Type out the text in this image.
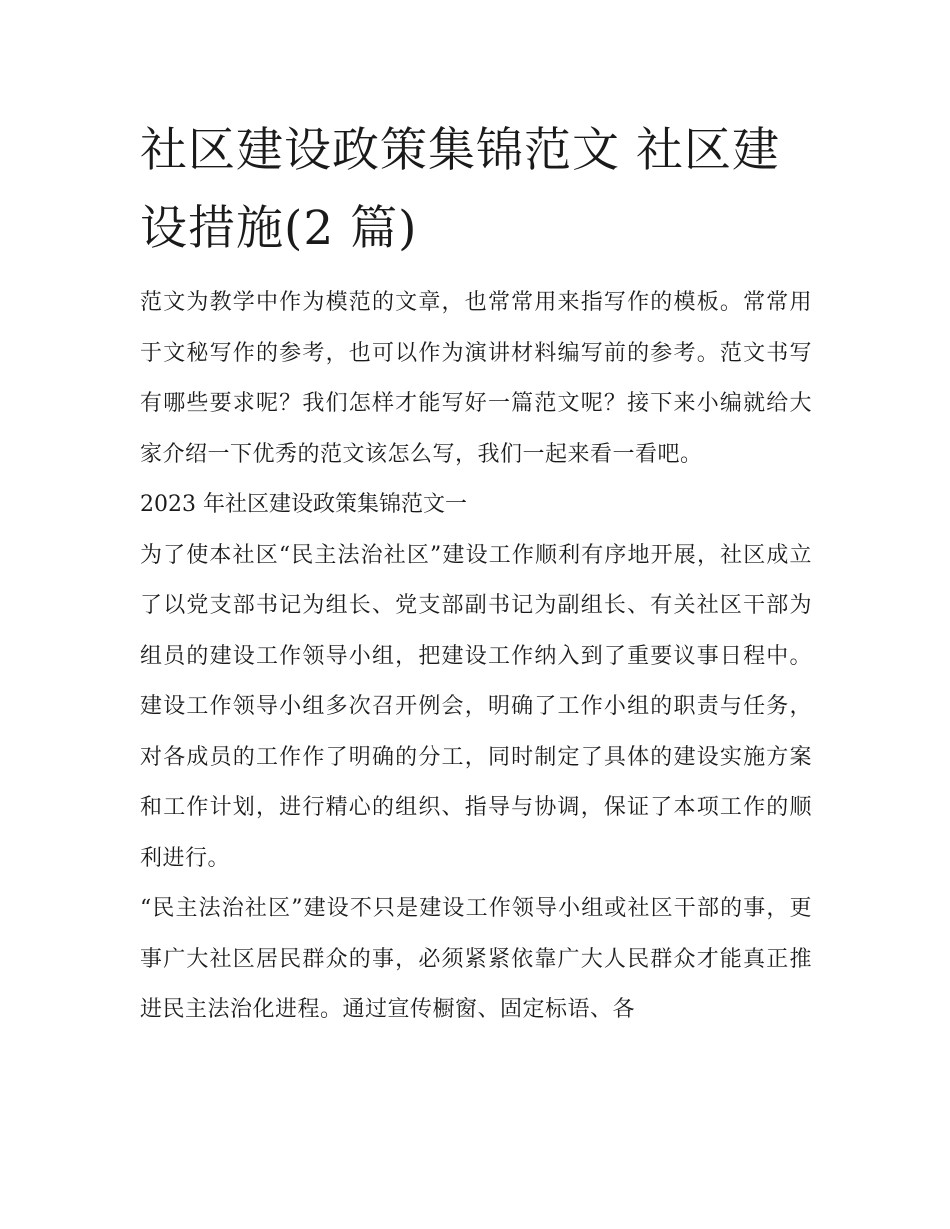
社区建设政策集锦范文 社区建设措施(2 篇)

范文为教学中作为模范的文章，也常常用来指写作的模板。常常用于文秘写作的参考，也可以作为演讲材料编写前的参考。范文书写有哪些要求呢？我们怎样才能写好一篇范文呢？接下来小编就给大家介绍一下优秀的范文该怎么写，我们一起来看一看吧。

2023 年社区建设政策集锦范文一

为了使本社区“民主法治社区”建设工作顺利有序地开展，社区成立了以党支部书记为组长、党支部副书记为副组长、有关社区干部为组员的建设工作领导小组，把建设工作纳入到了重要议事日程中。建设工作领导小组多次召开例会，明确了工作小组的职责与任务，对各成员的工作作了明确的分工，同时制定了具体的建设实施方案和工作计划，进行精心的组织、指导与协调，保证了本项工作的顺利进行。

“民主法治社区”建设不只是建设工作领导小组或社区干部的事，更事广大社区居民群众的事，必须紧紧依靠广大人民群众才能真正推进民主法治化进程。通过宣传橱窗、固定标语、各
